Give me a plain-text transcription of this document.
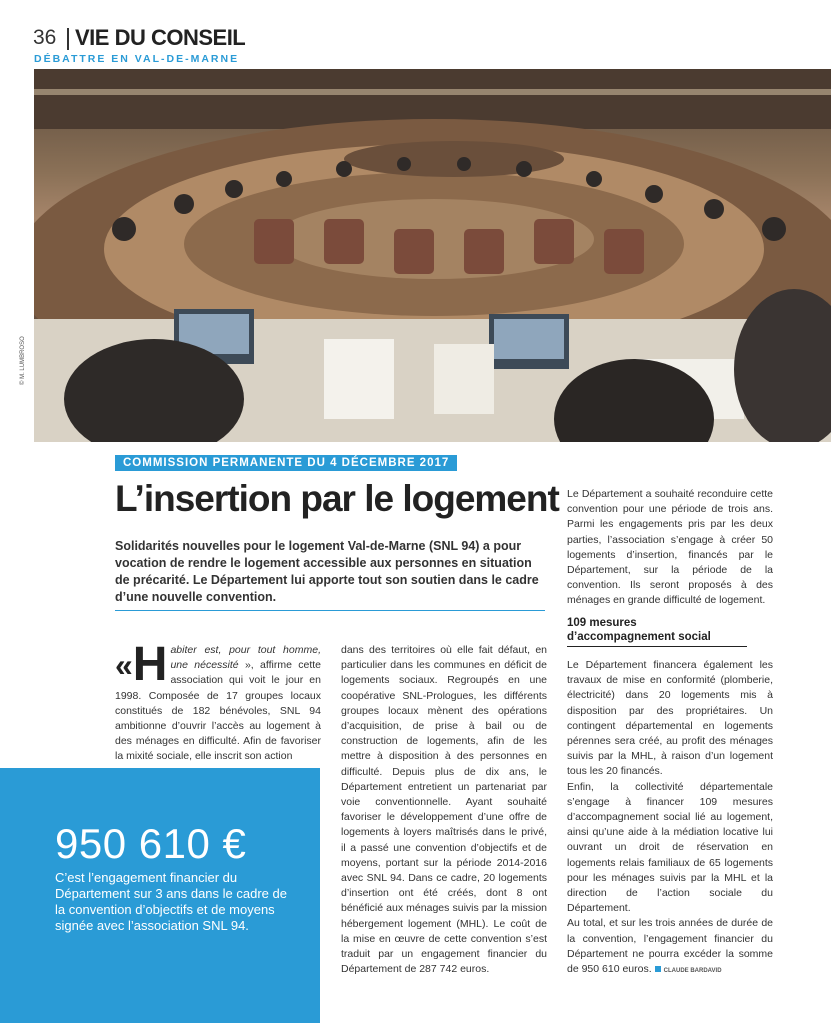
36 VIE DU CONSEIL
DÉBATTRE EN VAL-DE-MARNE
© M. LUMBROSO
COMMISSION PERMANENTE DU 4 DÉCEMBRE 2017
L’insertion par le logement
Solidarités nouvelles pour le logement Val-de-Marne (SNL 94) a pour vocation de rendre le logement accessible aux personnes en situation de précarité. Le Département lui apporte tout son soutien dans le cadre d’une nouvelle convention.
«H abiter est, pour tout homme, une nécessité », affirme cette association qui voit le jour en 1998. Composée de 17 groupes locaux constitués de 182 bénévoles, SNL 94 ambitionne d’ouvrir l’accès au logement à des ménages en difficulté. Afin de favoriser la mixité sociale, elle inscrit son action
dans des territoires où elle fait défaut, en particulier dans les communes en déficit de logements sociaux. Regroupés en une coopérative SNL-Prologues, les différents groupes locaux mènent des opérations d’acquisition, de prise à bail ou de construction de logements, afin de les mettre à disposition à des personnes en difficulté. Depuis plus de dix ans, le Département entretient un partenariat par voie conventionnelle. Ayant souhaité favoriser le développement d’une offre de logements à loyers maîtrisés dans le privé, il a passé une convention d’objectifs et de moyens, portant sur la période 2014-2016 avec SNL 94. Dans ce cadre, 20 logements d’insertion ont été créés, dont 8 ont bénéficié aux ménages suivis par la mission hébergement logement (MHL). Le coût de la mise en œuvre de cette convention s’est traduit par un engagement financier du Département de 287 742 euros.
Le Département a souhaité reconduire cette convention pour une période de trois ans. Parmi les engagements pris par les deux parties, l’association s’engage à créer 50 logements d’insertion, financés par le Département, sur la période de la convention. Ils seront proposés à des ménages en grande difficulté de logement.
109 mesures d’accompagnement social
Le Département financera également les travaux de mise en conformité (plomberie, électricité) dans 20 logements mis à disposition par des propriétaires. Un contingent départemental en logements pérennes sera créé, au profit des ménages suivis par la MHL, à raison d’un logement tous les 20 financés.
Enfin, la collectivité départementale s’engage à financer 109 mesures d’accompagnement social lié au logement, ainsi qu’une aide à la médiation locative lui ouvrant un droit de réservation en logements relais familiaux de 65 logements pour les ménages suivis par la MHL et la direction de l’action sociale du Département.
Au total, et sur les trois années de durée de la convention, l’engagement financier du Département ne pourra excéder la somme de 950 610 euros. CLAUDE BARDAVID
950 610 €
C’est l’engagement financier du Département sur 3 ans dans le cadre de la convention d’objectifs et de moyens signée avec l’association SNL 94.
